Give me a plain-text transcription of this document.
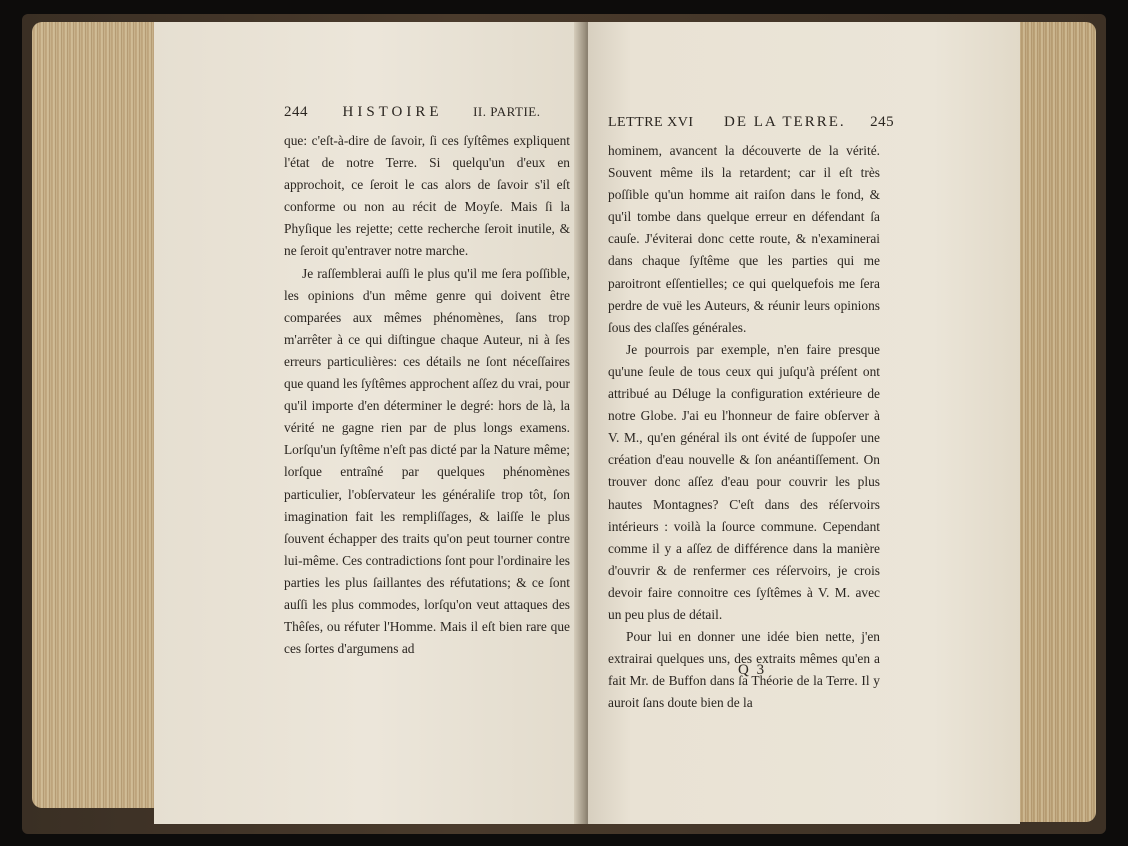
244 HISTOIRE II. PARTIE.

que: c'eſt-à-dire de ſavoir, ſi ces ſyſtêmes expliquent l'état de notre Terre. Si quelqu'un d'eux en approchoit, ce ſeroit le cas alors de ſavoir s'il eſt conforme ou non au récit de Moyſe. Mais ſi la Phyſique les rejette; cette recherche ſeroit inutile, & ne ſeroit qu'entraver notre marche.

Je raſſemblerai auſſi le plus qu'il me ſera poſſible, les opinions d'un même genre qui doivent être comparées aux mêmes phénomènes, ſans trop m'arrêter à ce qui diſtingue chaque Auteur, ni à ſes erreurs particulières: ces détails ne ſont néceſſaires que quand les ſyſtêmes approchent aſſez du vrai, pour qu'il importe d'en déterminer le degré: hors de là, la vérité ne gagne rien par de plus longs examens. Lorſqu'un ſyſtême n'eſt pas dicté par la Nature même; lorſque entraîné par quelques phénomènes particulier, l'obſervateur les généraliſe trop tôt, ſon imagination fait les rempliſſages, & laiſſe le plus ſouvent échapper des traits qu'on peut tourner contre lui-même. Ces contradictions ſont pour l'ordinaire les parties les plus ſaillantes des réfutations; & ce ſont auſſi les plus commodes, lorſqu'on veut attaques des Thêſes, ou réfuter l'Homme. Mais il eſt bien rare que ces ſortes d'argumens ad

LETTRE XVI DE LA TERRE. 245

hominem, avancent la découverte de la vérité. Souvent même ils la retardent; car il eſt très poſſible qu'un homme ait raiſon dans le fond, & qu'il tombe dans quelque erreur en défendant ſa cauſe. J'éviterai donc cette route, & n'examinerai dans chaque ſyſtême que les parties qui me paroitront eſſentielles; ce qui quelquefois me ſera perdre de vuë les Auteurs, & réunir leurs opinions ſous des claſſes générales.

Je pourrois par exemple, n'en faire presque qu'une ſeule de tous ceux qui juſqu'à préſent ont attribué au Déluge la configuration extérieure de notre Globe. J'ai eu l'honneur de faire obſerver à V. M., qu'en général ils ont évité de ſuppoſer une création d'eau nouvelle & ſon anéantiſſement. On trouver donc aſſez d'eau pour couvrir les plus hautes Montagnes? C'eſt dans des réſervoirs intérieurs : voilà la ſource commune. Cependant comme il y a aſſez de différence dans la manière d'ouvrir & de renfermer ces réſervoirs, je crois devoir faire connoitre ces ſyſtêmes à V. M. avec un peu plus de détail.

Pour lui en donner une idée bien nette, j'en extrairai quelques uns, des extraits mêmes qu'en a fait Mr. de Buffon dans ſa Théorie de la Terre. Il y auroit ſans doute bien de la

Q 3
